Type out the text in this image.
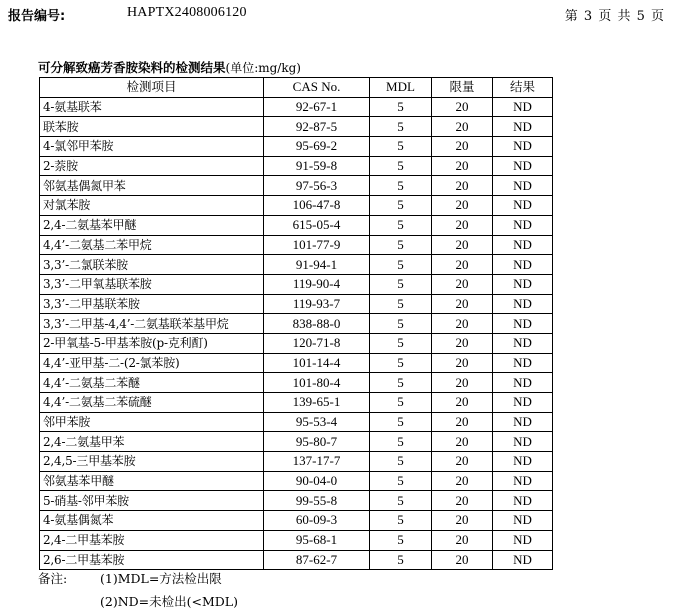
报告编号:	HAPTX2408006120	第 3 页 共 5 页
可分解致癌芳香胺染料的检测结果(单位:mg/kg)
检测项目	CAS No.	MDL	限量	结果
4-氨基联苯	92-67-1	5	20	ND
联苯胺	92-87-5	5	20	ND
4-氯邻甲苯胺	95-69-2	5	20	ND
2-萘胺	91-59-8	5	20	ND
邻氨基偶氮甲苯	97-56-3	5	20	ND
对氯苯胺	106-47-8	5	20	ND
2,4-二氨基苯甲醚	615-05-4	5	20	ND
4,4’-二氨基二苯甲烷	101-77-9	5	20	ND
3,3’-二氯联苯胺	91-94-1	5	20	ND
3,3’-二甲氧基联苯胺	119-90-4	5	20	ND
3,3’-二甲基联苯胺	119-93-7	5	20	ND
3,3’-二甲基-4,4’-二氨基联苯基甲烷	838-88-0	5	20	ND
2-甲氧基-5-甲基苯胺(p-克利酊)	120-71-8	5	20	ND
4,4’-亚甲基-二-(2-氯苯胺)	101-14-4	5	20	ND
4,4’-二氨基二苯醚	101-80-4	5	20	ND
4,4’-二氨基二苯硫醚	139-65-1	5	20	ND
邻甲苯胺	95-53-4	5	20	ND
2,4-二氨基甲苯	95-80-7	5	20	ND
2,4,5-三甲基苯胺	137-17-7	5	20	ND
邻氨基苯甲醚	90-04-0	5	20	ND
5-硝基-邻甲苯胺	99-55-8	5	20	ND
4-氨基偶氮苯	60-09-3	5	20	ND
2,4-二甲基苯胺	95-68-1	5	20	ND
2,6-二甲基苯胺	87-62-7	5	20	ND
备注:	(1)MDL=方法检出限
(2)ND=未检出(<MDL)
